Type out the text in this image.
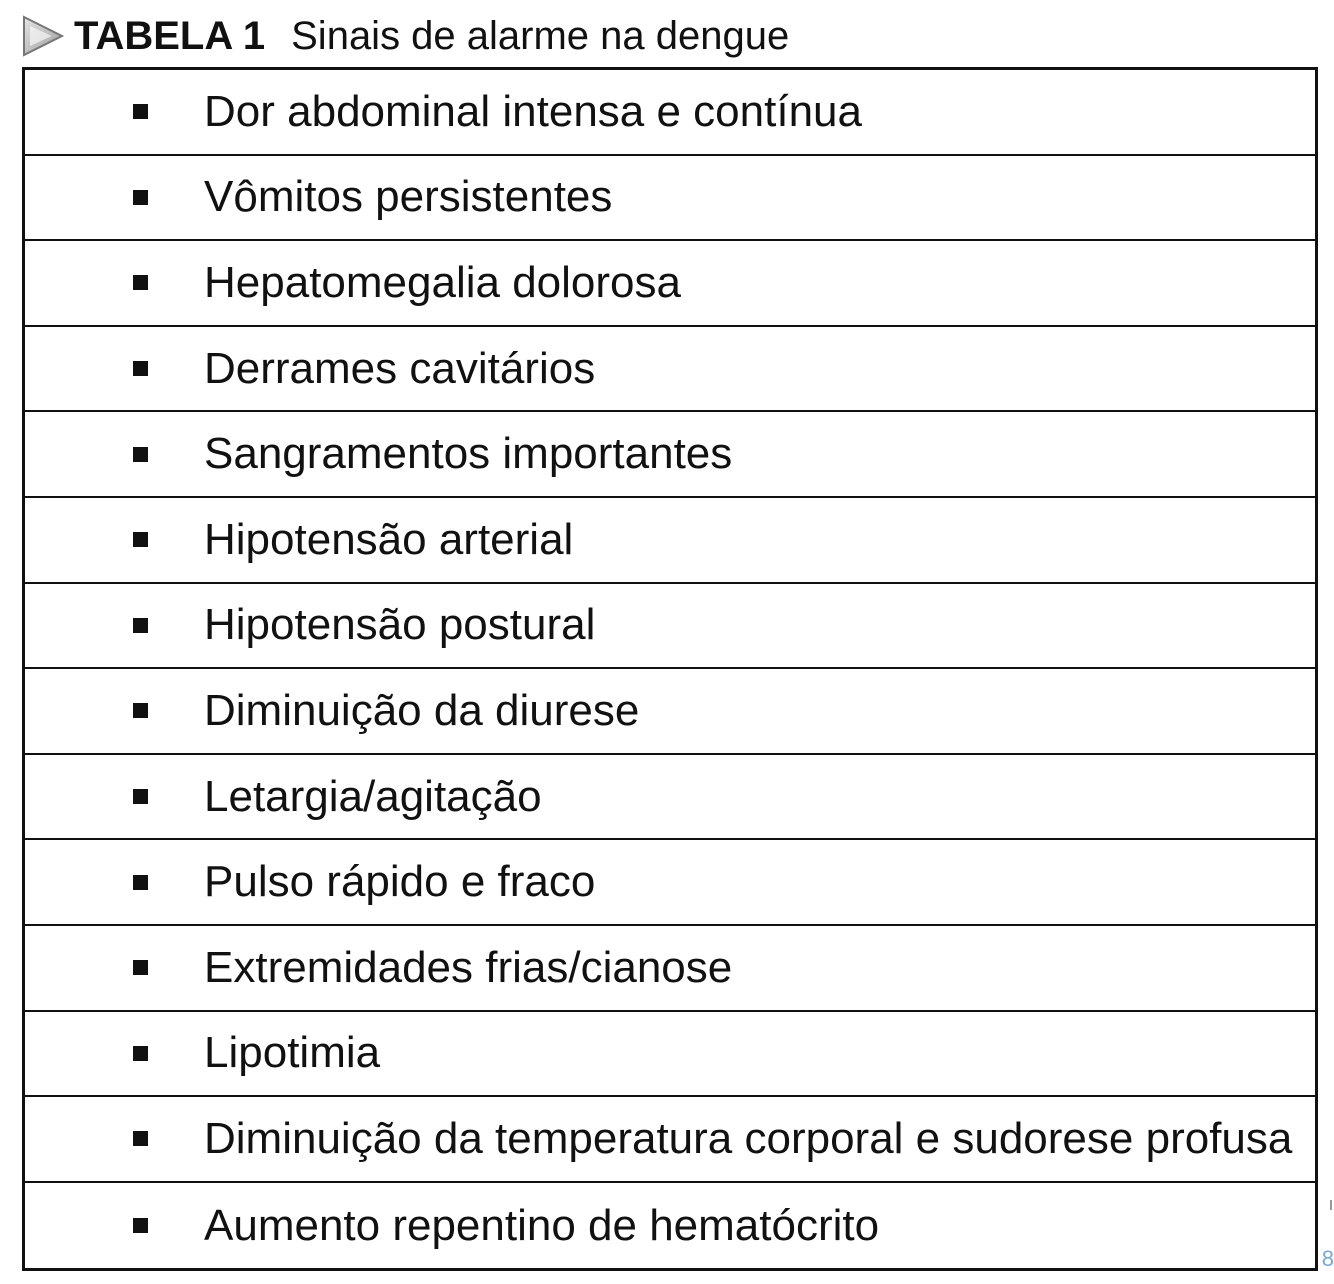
TABELA 1 Sinais de alarme na dengue
Dor abdominal intensa e contínua
Vômitos persistentes
Hepatomegalia dolorosa
Derrames cavitários
Sangramentos importantes
Hipotensão arterial
Hipotensão postural
Diminuição da diurese
Letargia/agitação
Pulso rápido e fraco
Extremidades frias/cianose
Lipotimia
Diminuição da temperatura corporal e sudorese profusa
Aumento repentino de hematócrito
8
